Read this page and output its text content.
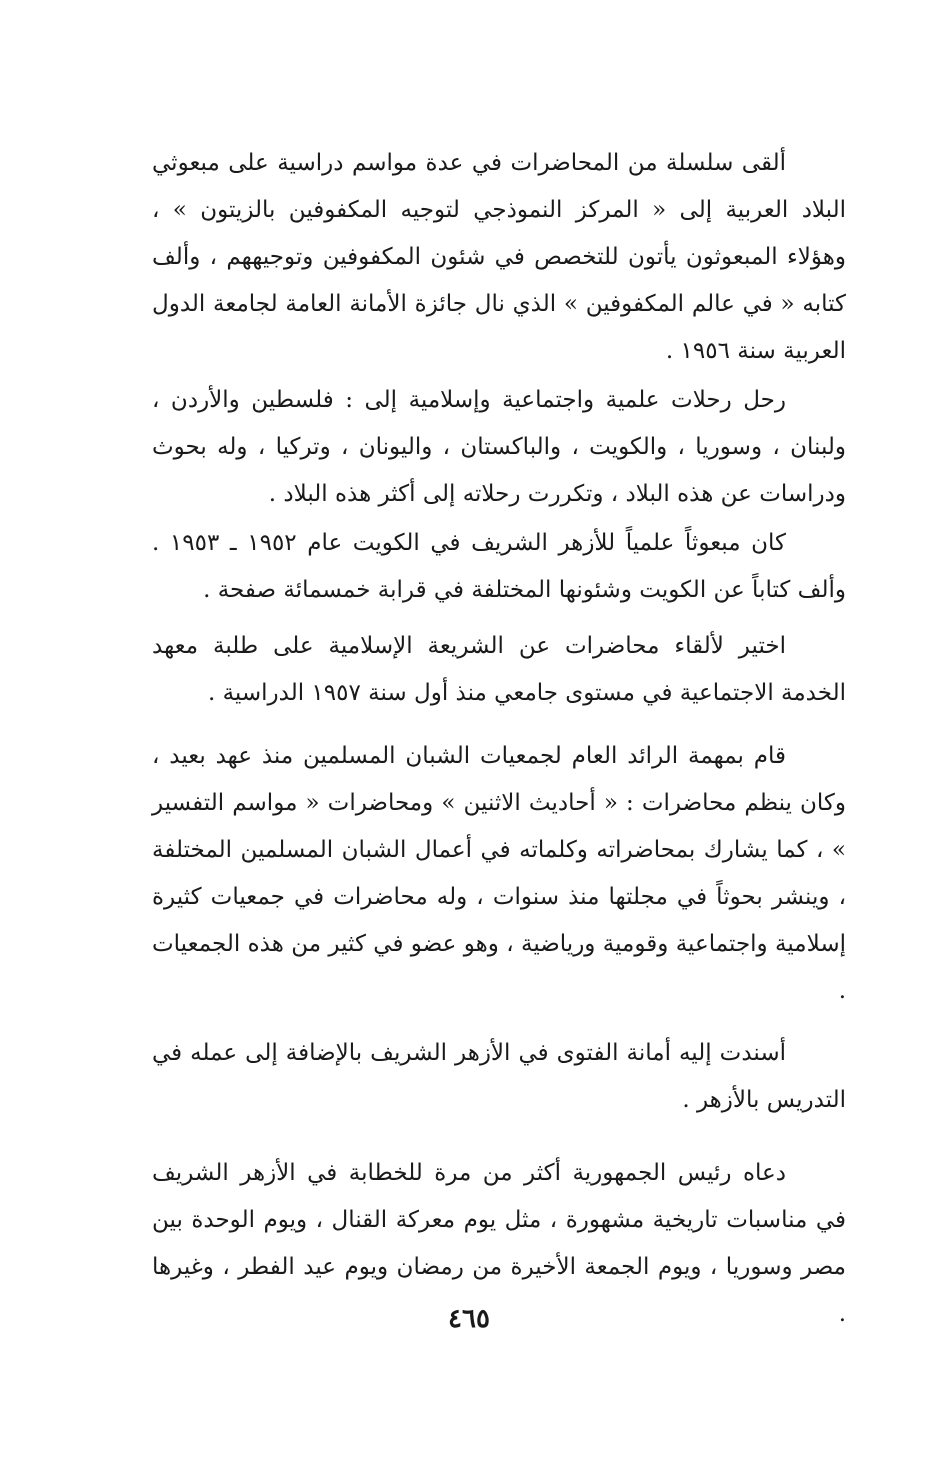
ألقى سلسلة من المحاضرات في عدة مواسم دراسية على مبعوثي البلاد العربية إلى « المركز النموذجي لتوجيه المكفوفين بالزيتون » ، وهؤلاء المبعوثون يأتون للتخصص في شئون المكفوفين وتوجيههم ، وألف كتابه « في عالم المكفوفين » الذي نال جائزة الأمانة العامة لجامعة الدول العربية سنة ١٩٥٦ .

رحل رحلات علمية واجتماعية وإسلامية إلى : فلسطين والأردن ، ولبنان ، وسوريا ، والكويت ، والباكستان ، واليونان ، وتركيا ، وله بحوث ودراسات عن هذه البلاد ، وتكررت رحلاته إلى أكثر هذه البلاد .

كان مبعوثاً علمياً للأزهر الشريف في الكويت عام ١٩٥٢ ـ ١٩٥٣ . وألف كتاباً عن الكويت وشئونها المختلفة في قرابة خمسمائة صفحة .

اختير لألقاء محاضرات عن الشريعة الإسلامية على طلبة معهد الخدمة الاجتماعية في مستوى جامعي منذ أول سنة ١٩٥٧ الدراسية .

قام بمهمة الرائد العام لجمعيات الشبان المسلمين منذ عهد بعيد ، وكان ينظم محاضرات : « أحاديث الاثنين » ومحاضرات « مواسم التفسير » ، كما يشارك بمحاضراته وكلماته في أعمال الشبان المسلمين المختلفة ، وينشر بحوثاً في مجلتها منذ سنوات ، وله محاضرات في جمعيات كثيرة إسلامية واجتماعية وقومية ورياضية ، وهو عضو في كثير من هذه الجمعيات .

أسندت إليه أمانة الفتوى في الأزهر الشريف بالإضافة إلى عمله في التدريس بالأزهر .

دعاه رئيس الجمهورية أكثر من مرة للخطابة في الأزهر الشريف في مناسبات تاريخية مشهورة ، مثل يوم معركة القنال ، ويوم الوحدة بين مصر وسوريا ، ويوم الجمعة الأخيرة من رمضان ويوم عيد الفطر ، وغيرها .

٤٦٥
